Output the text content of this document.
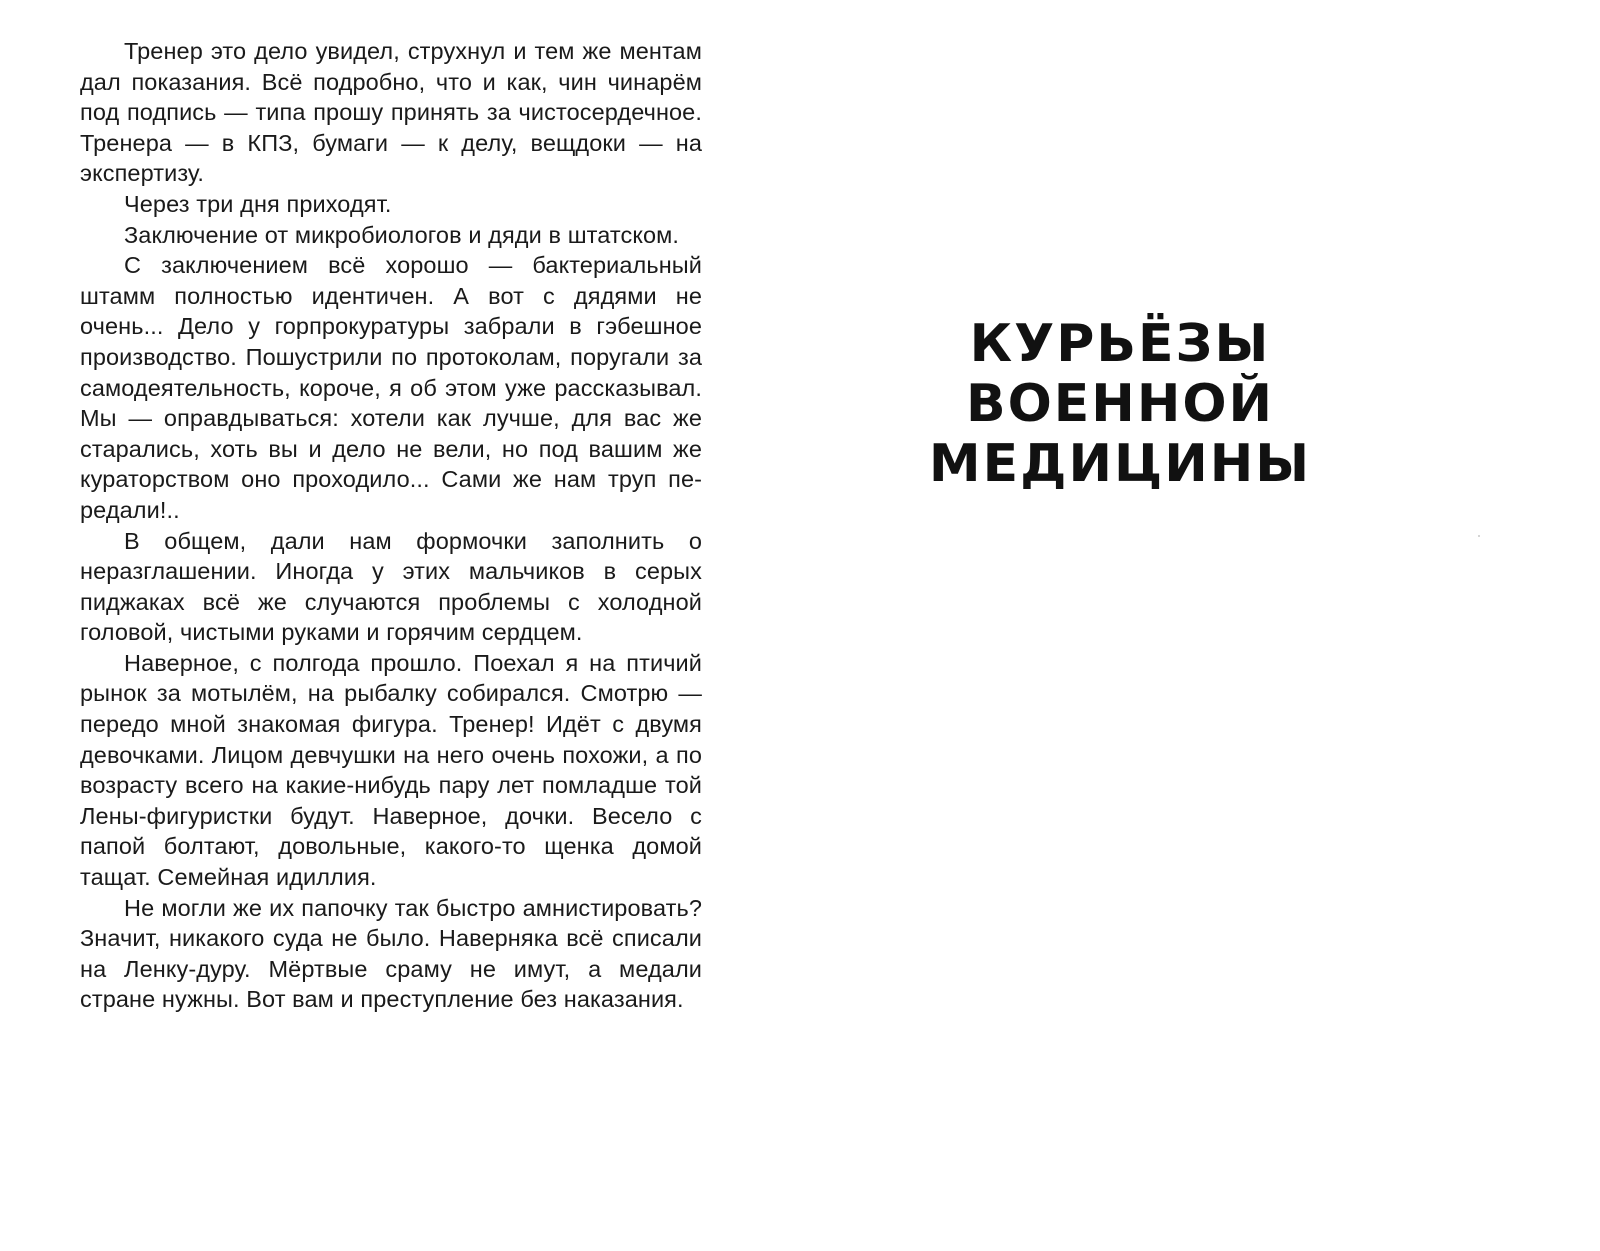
Тренер это дело увидел, струхнул и тем же ментам дал показания. Всё подробно, что и как, чин чинарём под подпись — типа прошу принять за чистосердечное. Тренера — в КПЗ, бумаги — к делу, вещдоки — на экспертизу.

Через три дня приходят.

Заключение от микробиологов и дяди в штатском.

С заключением всё хорошо — бактериальный штамм полностью идентичен. А вот с дядями не очень... Дело у горпрокуратуры забрали в гэбешное производство. Пошустрили по протоколам, поругали за самодеятельность, короче, я об этом уже рассказывал. Мы — оправдываться: хотели как лучше, для вас же старались, хоть вы и дело не вели, но под вашим же кураторством оно проходило... Сами же нам труп передали!..

В общем, дали нам формочки заполнить о неразглашении. Иногда у этих мальчиков в серых пиджаках всё же случаются проблемы с холодной головой, чистыми руками и горячим сердцем.

Наверное, с полгода прошло. Поехал я на птичий рынок за мотылём, на рыбалку собирался. Смотрю — передо мной знакомая фигура. Тренер! Идёт с двумя девочками. Лицом девчушки на него очень похожи, а по возрасту всего на какие-нибудь пару лет помладше той Лены-фигуристки будут. Наверное, дочки. Весело с папой болтают, довольные, какого-то щенка домой тащат. Семейная идиллия.

Не могли же их папочку так быстро амнистировать? Значит, никакого суда не было. Наверняка всё списали на Ленку-дуру. Мёртвые сраму не имут, а медали стране нужны. Вот вам и преступление без наказания.

КУРЬЁЗЫ
ВОЕННОЙ
МЕДИЦИНЫ
